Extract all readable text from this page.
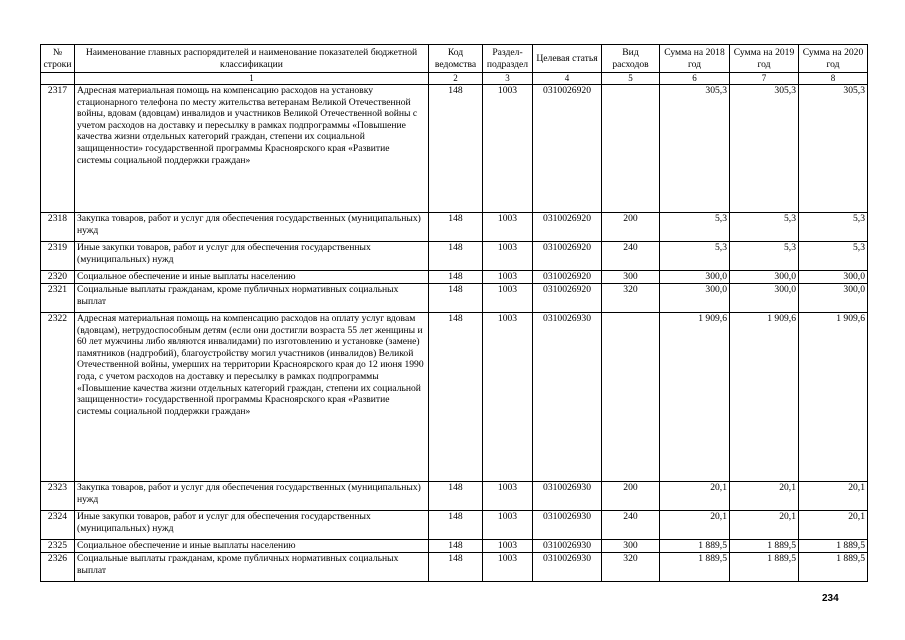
№ строки	Наименование главных распорядителей и наименование показателей бюджетной классификации	Код ведомства	Раздел- подраздел	Целевая статья	Вид расходов	Сумма на 2018 год	Сумма на 2019 год	Сумма на 2020 год
	1	2	3	4	5	6	7	8
2317	Адресная материальная помощь на компенсацию расходов на установку стационарного телефона по месту жительства ветеранам Великой Отечественной войны, вдовам (вдовцам) инвалидов и участников Великой Отечественной войны с учетом расходов на доставку и пересылку в рамках подпрограммы «Повышение качества жизни отдельных категорий граждан, степени их социальной защищенности» государственной программы Красноярского края «Развитие системы социальной поддержки граждан»	148	1003	0310026920		305,3	305,3	305,3
2318	Закупка товаров, работ и услуг для обеспечения государственных (муниципальных) нужд	148	1003	0310026920	200	5,3	5,3	5,3
2319	Иные закупки товаров, работ и услуг для обеспечения государственных (муниципальных) нужд	148	1003	0310026920	240	5,3	5,3	5,3
2320	Социальное обеспечение и иные выплаты населению	148	1003	0310026920	300	300,0	300,0	300,0
2321	Социальные выплаты гражданам, кроме публичных нормативных социальных выплат	148	1003	0310026920	320	300,0	300,0	300,0
2322	Адресная материальная помощь на компенсацию расходов на оплату услуг вдовам (вдовцам), нетрудоспособным детям (если они достигли возраста 55 лет женщины и 60 лет мужчины либо являются инвалидами) по изготовлению и установке (замене) памятников (надгробий), благоустройству могил участников (инвалидов) Великой Отечественной войны, умерших на территории Красноярского края до 12 июня 1990 года, с учетом расходов на доставку и пересылку в рамках подпрограммы «Повышение качества жизни отдельных категорий граждан, степени их социальной защищенности» государственной программы Красноярского края «Развитие системы социальной поддержки граждан»	148	1003	0310026930		1 909,6	1 909,6	1 909,6
2323	Закупка товаров, работ и услуг для обеспечения государственных (муниципальных) нужд	148	1003	0310026930	200	20,1	20,1	20,1
2324	Иные закупки товаров, работ и услуг для обеспечения государственных (муниципальных) нужд	148	1003	0310026930	240	20,1	20,1	20,1
2325	Социальное обеспечение и иные выплаты населению	148	1003	0310026930	300	1 889,5	1 889,5	1 889,5
2326	Социальные выплаты гражданам, кроме публичных нормативных социальных выплат	148	1003	0310026930	320	1 889,5	1 889,5	1 889,5
234
